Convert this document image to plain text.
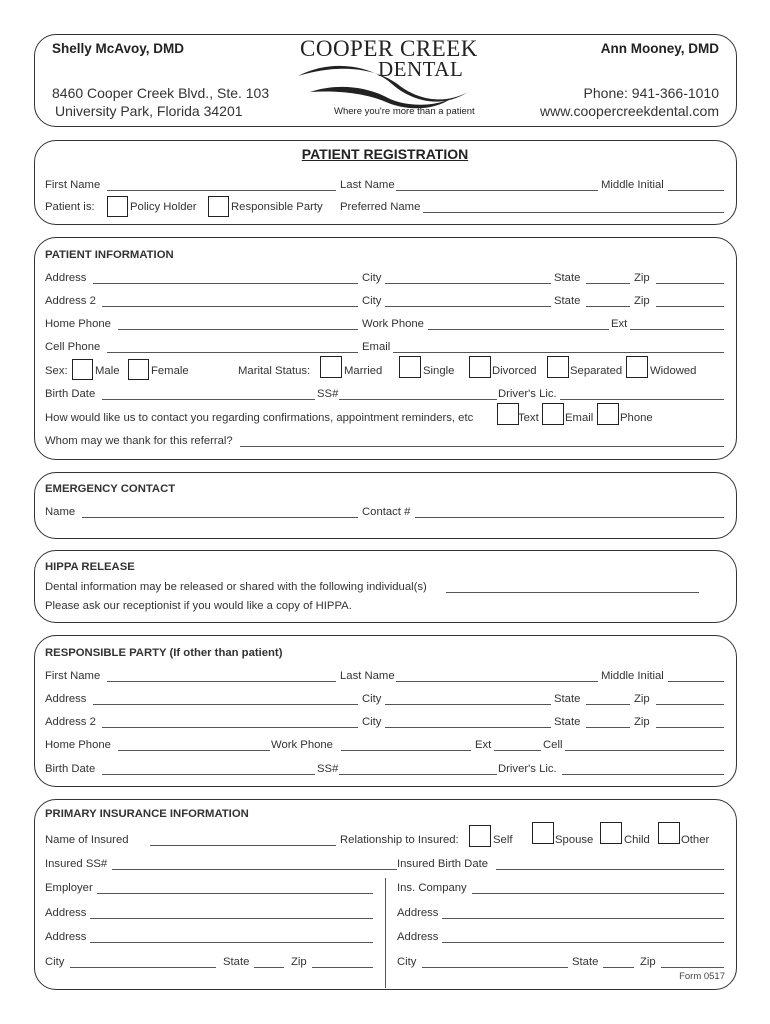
Shelly McAvoy, DMD	Ann Mooney, DMD
8460 Cooper Creek Blvd., Ste. 103
University Park, Florida 34201
Phone: 941-366-1010
www.coopercreekdental.com
COOPER CREEK
DENTAL
Where you're more than a patient
PATIENT REGISTRATION
First Name	Last Name	Middle Initial
Patient is:	Policy Holder	Responsible Party Preferred Name
PATIENT INFORMATION
Address	City	State	Zip
Address 2	City	State	Zip
Home Phone	Work Phone	Ext
Cell Phone	Email
Sex: Male	Female	Marital Status:	Married	Single	Divorced	Separated Widowed
Birth Date	SS#	Driver's Lic.
How would like us to contact you regarding confirmations, appointment reminders, etc	Text Email Phone
Whom may we thank for this referral?
EMERGENCY CONTACT
Name	Contact #
HIPPA RELEASE
Dental information may be released or shared with the following individual(s)
Please ask our receptionist if you would like a copy of HIPPA.
RESPONSIBLE PARTY (If other than patient)
First Name	Last Name	Middle Initial
Address	City	State	Zip
Address 2	City	State	Zip
Home Phone	Work Phone	Ext	Cell
Birth Date	SS#	Driver's Lic.
PRIMARY INSURANCE INFORMATION
Name of Insured	Relationship to Insured:	Self	Spouse	Child	Other
Insured SS#	Insured Birth Date
Employer	Ins. Company
Address	Address
Address	Address
City	State	Zip	City	State	Zip
Form 0517
